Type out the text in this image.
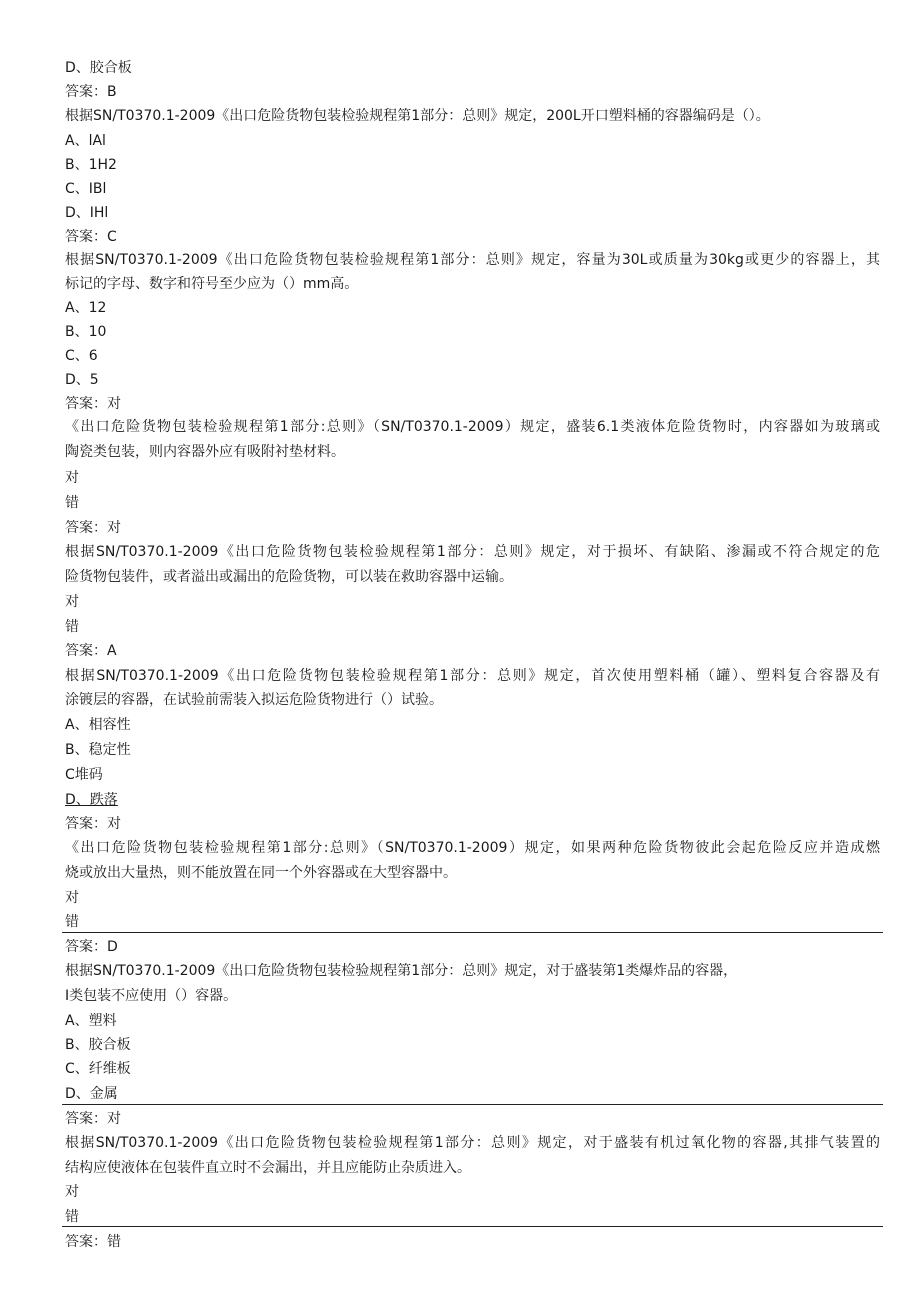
D、胶合板
答案：B
根据SN/T0370.1-2009《出口危险货物包装检验规程第1部分：总则》规定，200L开口塑料桶的容器编码是（）。
A、lAl
B、1H2
C、IBl
D、IHl
答案：C
根据SN/T0370.1-2009《出口危险货物包装检验规程第1部分：总则》规定，容量为30L或质量为30kg或更少的容器上，其
标记的字母、数字和符号至少应为（）mm高。
A、12
B、10
C、6
D、5
答案：对
《出口危险货物包装检验规程第1部分:总则》（SN/T0370.1-2009）规定，盛装6.1类液体危险货物时，内容器如为玻璃或
陶瓷类包装，则内容器外应有吸附衬垫材料。
对
错
答案：对
根据SN/T0370.1-2009《出口危险货物包装检验规程第1部分：总则》规定，对于损坏、有缺陷、渗漏或不符合规定的危
险货物包装件，或者溢出或漏出的危险货物，可以装在救助容器中运输。
对
错
答案：A
根据SN/T0370.1-2009《出口危险货物包装检验规程第1部分：总则》规定，首次使用塑料桶（罐）、塑料复合容器及有
涂镀层的容器，在试验前需装入拟运危险货物进行（）试验。
A、相容性
B、稳定性
C堆码
D、跌落
答案：对
《出口危险货物包装检验规程第1部分:总则》（SN/T0370.1-2009）规定，如果两种危险货物彼此会起危险反应并造成燃
烧或放出大量热，则不能放置在同一个外容器或在大型容器中。
对
错
答案：D
根据SN/T0370.1-2009《出口危险货物包装检验规程第1部分：总则》规定，对于盛装第1类爆炸品的容器，
I类包装不应使用（）容器。
A、塑料
B、胶合板
C、纤维板
D、金属
答案：对
根据SN/T0370.1-2009《出口危险货物包装检验规程第1部分：总则》规定，对于盛装有机过氧化物的容器,其排气装置的
结构应使液体在包装件直立时不会漏出，并且应能防止杂质进入。
对
错
答案：错
